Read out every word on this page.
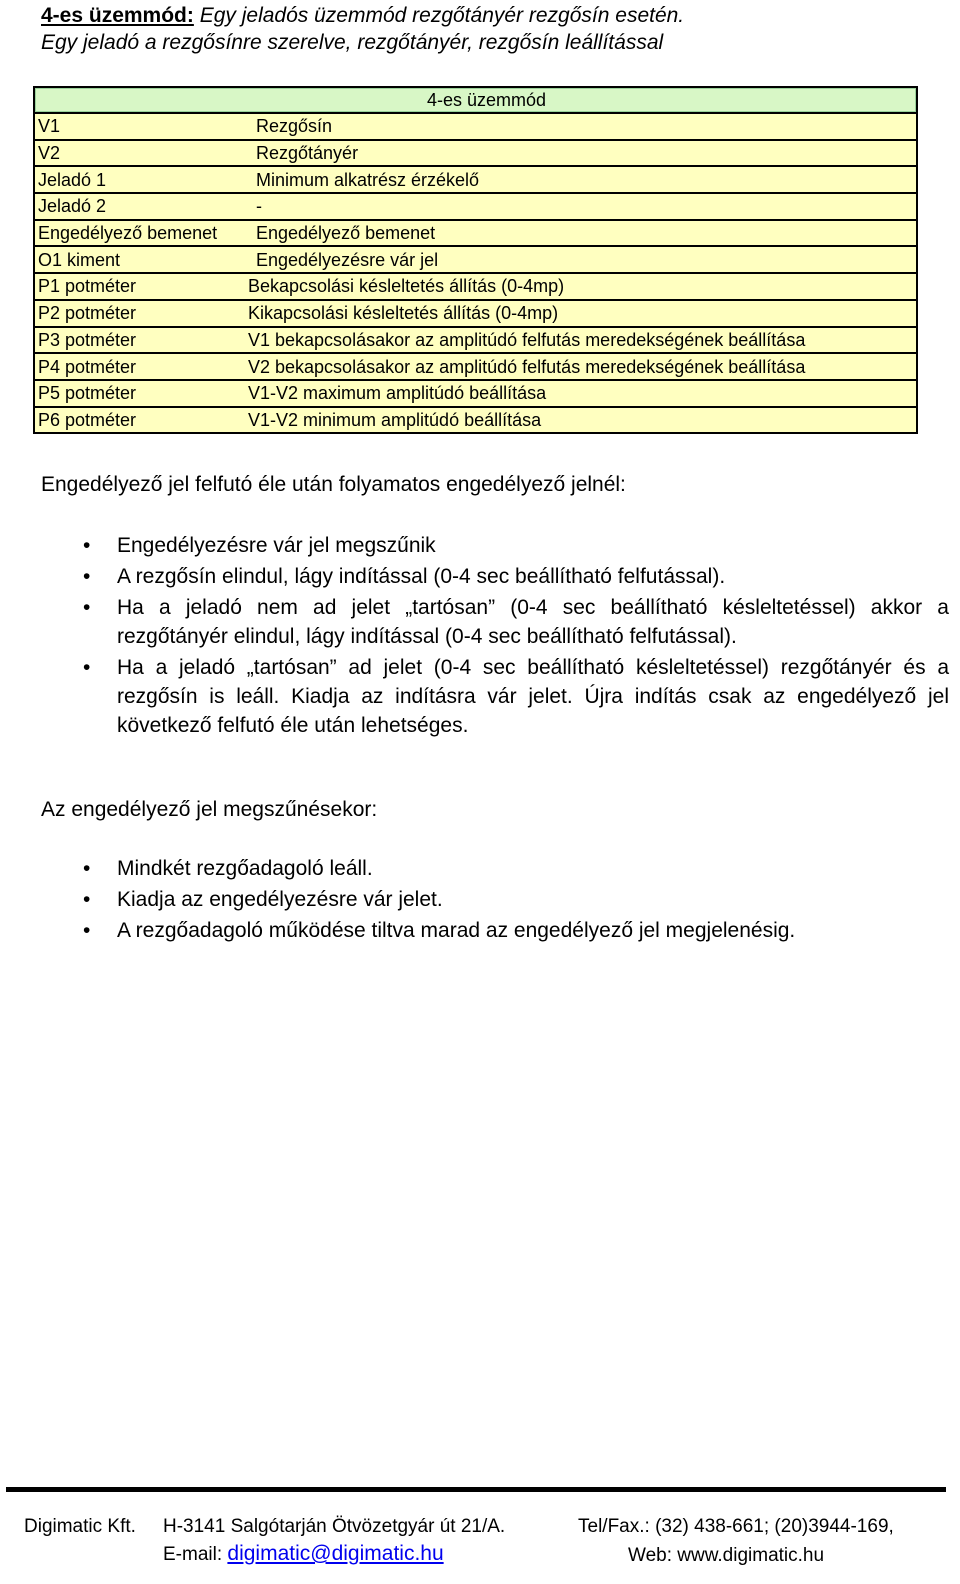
4-es üzemmód: Egy jeladós üzemmód rezgőtányér rezgősín esetén.
Egy jeladó a rezgősínre szerelve, rezgőtányér, rezgősín leállítással
4-es üzemmód	
V1	Rezgősín
V2	Rezgőtányér
Jeladó 1	Minimum alkatrész érzékelő
Jeladó 2	-
Engedélyező bemenet	Engedélyező bemenet
O1 kiment	Engedélyezésre vár jel
P1 potméter	Bekapcsolási késleltetés állítás (0-4mp)
P2 potméter	Kikapcsolási késleltetés állítás (0-4mp)
P3 potméter	V1 bekapcsolásakor az amplitúdó felfutás meredekségének beállítása
P4 potméter	V2 bekapcsolásakor az amplitúdó felfutás meredekségének beállítása
P5 potméter	V1-V2 maximum amplitúdó beállítása
P6 potméter	V1-V2 minimum amplitúdó beállítása
Engedélyező jel felfutó éle után folyamatos engedélyező jelnél:
• Engedélyezésre vár jel megszűnik
• A rezgősín elindul, lágy indítással (0-4 sec beállítható felfutással).
• Ha a jeladó nem ad jelet „tartósan” (0-4 sec beállítható késleltetéssel) akkor a rezgőtányér elindul, lágy indítással (0-4 sec beállítható felfutással).
• Ha a jeladó „tartósan” ad jelet (0-4 sec beállítható késleltetéssel) rezgőtányér és a rezgősín is leáll. Kiadja az indításra vár jelet. Újra indítás csak az engedélyező jel következő felfutó éle után lehetséges.
Az engedélyező jel megszűnésekor:
• Mindkét rezgőadagoló leáll.
• Kiadja az engedélyezésre vár jelet.
• A rezgőadagoló működése tiltva marad az engedélyező jel megjelenésig.
Digimatic Kft. H-3141 Salgótarján Ötvözetgyár út 21/A.	Tel/Fax.: (32) 438-661; (20)3944-169,
E-mail: digimatic@digimatic.hu	Web: www.digimatic.hu
